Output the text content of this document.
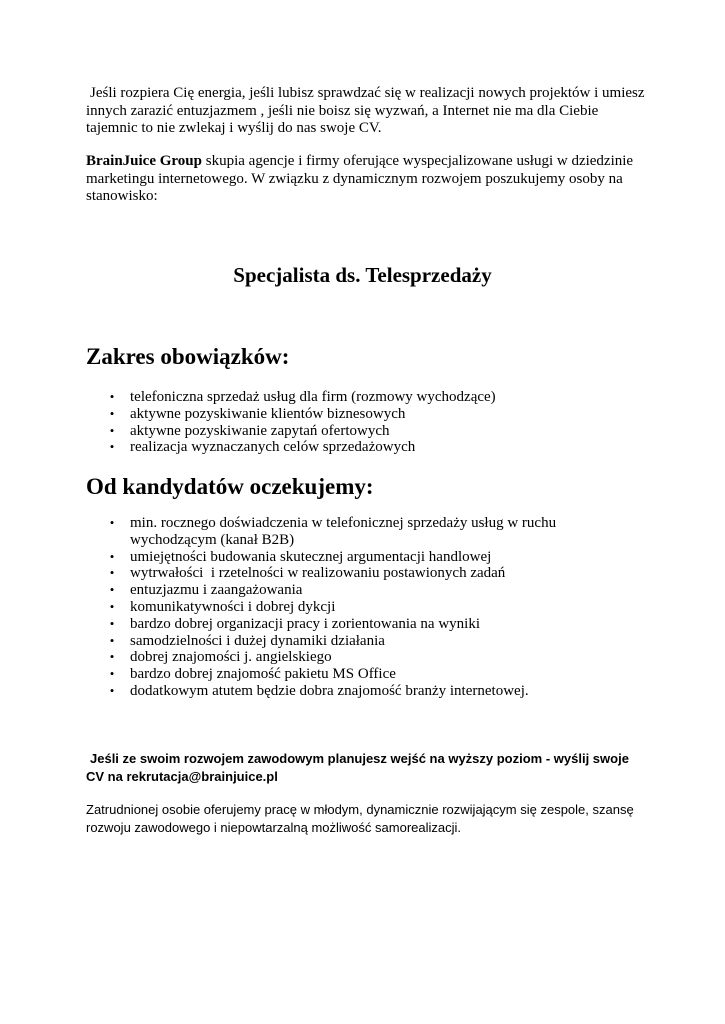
Jeśli rozpiera Cię energia, jeśli lubisz sprawdzać się w realizacji nowych projektów i umiesz innych zarazić entuzjazmem , jeśli nie boisz się wyzwań, a Internet nie ma dla Ciebie tajemnic to nie zwlekaj i wyślij do nas swoje CV.

BrainJuice Group skupia agencje i firmy oferujące wyspecjalizowane usługi w dziedzinie marketingu internetowego. W związku z dynamicznym rozwojem poszukujemy osoby na stanowisko:

Specjalista ds. Telesprzedaży
Zakres obowiązków:
• telefoniczna sprzedaż usług dla firm (rozmowy wychodzące)
• aktywne pozyskiwanie klientów biznesowych
• aktywne pozyskiwanie zapytań ofertowych
• realizacja wyznaczanych celów sprzedażowych
Od kandydatów oczekujemy:
• min. rocznego doświadczenia w telefonicznej sprzedaży usług w ruchu wychodzącym (kanał B2B)
• umiejętności budowania skutecznej argumentacji handlowej
• wytrwałości  i rzetelności w realizowaniu postawionych zadań
• entuzjazmu i zaangażowania
• komunikatywności i dobrej dykcji
• bardzo dobrej organizacji pracy i zorientowania na wyniki
• samodzielności i dużej dynamiki działania
• dobrej znajomości j. angielskiego
• bardzo dobrej znajomość pakietu MS Office
• dodatkowym atutem będzie dobra znajomość branży internetowej.

Jeśli ze swoim rozwojem zawodowym planujesz wejść na wyższy poziom - wyślij swoje CV na rekrutacja@brainjuice.pl

Zatrudnionej osobie oferujemy pracę w młodym, dynamicznie rozwijającym się zespole, szansę rozwoju zawodowego i niepowtarzalną możliwość samorealizacji.
